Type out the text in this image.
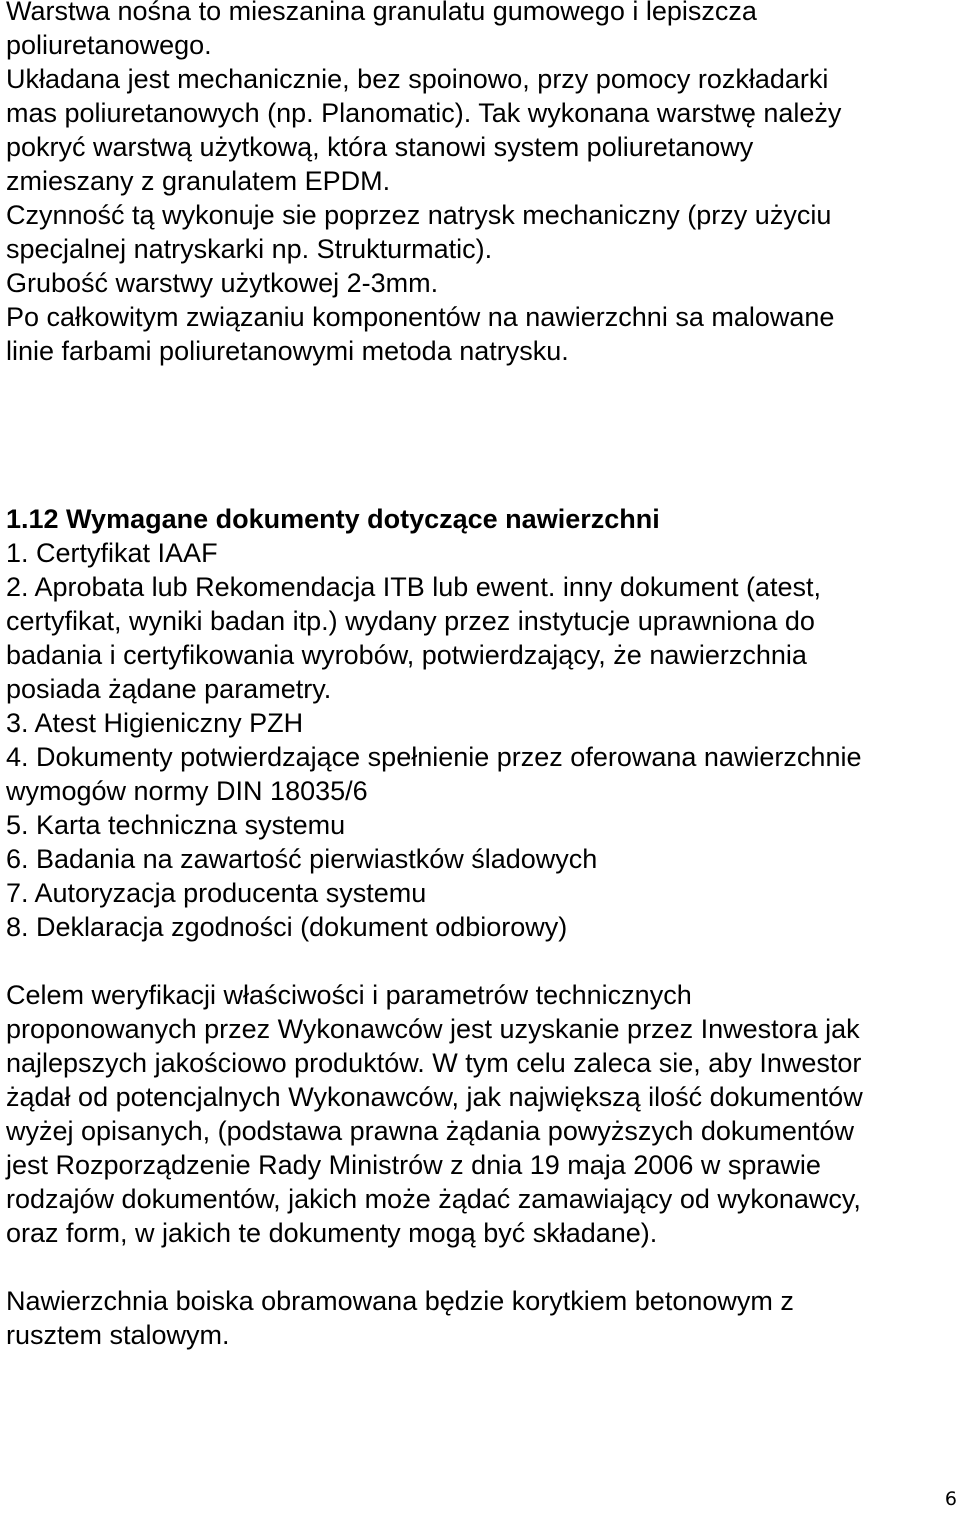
Warstwa nośna to mieszanina granulatu gumowego i lepiszcza
poliuretanowego.
Układana jest mechanicznie, bez spoinowo, przy pomocy rozkładarki
mas poliuretanowych (np. Planomatic). Tak wykonana warstwę należy
pokryć warstwą użytkową, która stanowi system poliuretanowy
zmieszany z granulatem EPDM.
Czynność tą wykonuje sie poprzez natrysk mechaniczny (przy użyciu
specjalnej natryskarki np. Strukturmatic).
Grubość warstwy użytkowej 2-3mm.
Po całkowitym związaniu komponentów na nawierzchni sa malowane
linie farbami poliuretanowymi metoda natrysku.
1.12 Wymagane dokumenty dotyczące nawierzchni
1. Certyfikat IAAF
2. Aprobata lub Rekomendacja ITB lub ewent. inny dokument (atest,
certyfikat, wyniki badan itp.) wydany przez instytucje uprawniona do
badania i certyfikowania wyrobów, potwierdzający, że nawierzchnia
posiada żądane parametry.
3. Atest Higieniczny PZH
4. Dokumenty potwierdzające spełnienie przez oferowana nawierzchnie
wymogów normy DIN 18035/6
5. Karta techniczna systemu
6. Badania na zawartość pierwiastków śladowych
7. Autoryzacja producenta systemu
8. Deklaracja zgodności (dokument odbiorowy)
Celem weryfikacji właściwości i parametrów technicznych
proponowanych przez Wykonawców jest uzyskanie przez Inwestora jak
najlepszych jakościowo produktów. W tym celu zaleca sie, aby Inwestor
żądał od potencjalnych Wykonawców, jak największą ilość dokumentów
wyżej opisanych, (podstawa prawna żądania powyższych dokumentów
jest Rozporządzenie Rady Ministrów z dnia 19 maja 2006 w sprawie
rodzajów dokumentów, jakich może żądać zamawiający od wykonawcy,
oraz form, w jakich te dokumenty mogą być składane).
Nawierzchnia boiska obramowana będzie korytkiem betonowym z
rusztem stalowym.
6
